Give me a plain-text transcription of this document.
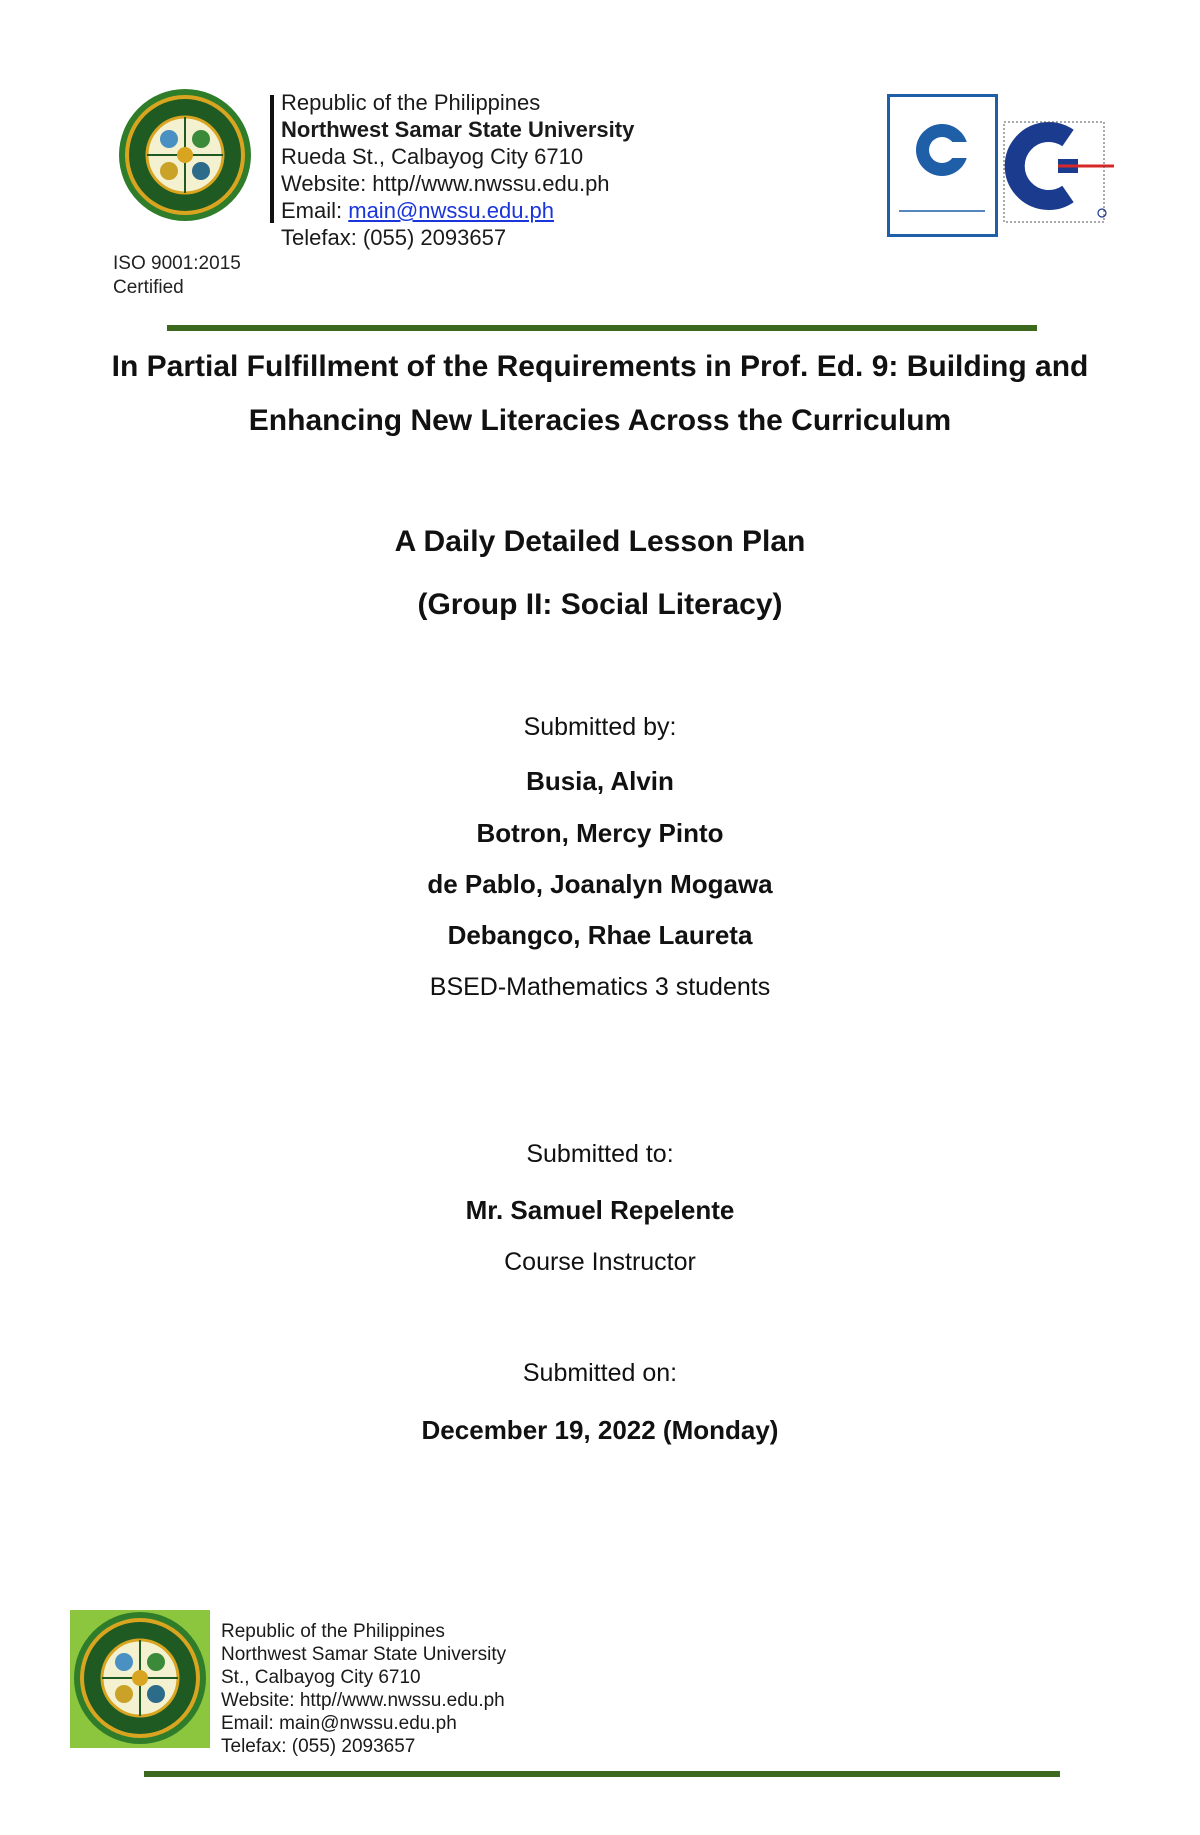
ISO 9001:2015
Certified
Republic of the Philippines
Northwest Samar State University
Rueda St., Calbayog City 6710
Website: http//www.nwssu.edu.ph
Email: main@nwssu.edu.ph
Telefax: (055) 2093657
In Partial Fulfillment of the Requirements in Prof. Ed. 9: Building and
Enhancing New Literacies Across the Curriculum
A Daily Detailed Lesson Plan
(Group II: Social Literacy)
Submitted by:
Busia, Alvin
Botron, Mercy Pinto
de Pablo, Joanalyn Mogawa
Debangco, Rhae Laureta
BSED-Mathematics 3 students
Submitted to:
Mr. Samuel Repelente
Course Instructor
Submitted on:
December 19, 2022 (Monday)
Republic of the Philippines
Northwest Samar State University
St., Calbayog City 6710
Website: http//www.nwssu.edu.ph
Email: main@nwssu.edu.ph
Telefax: (055) 2093657
